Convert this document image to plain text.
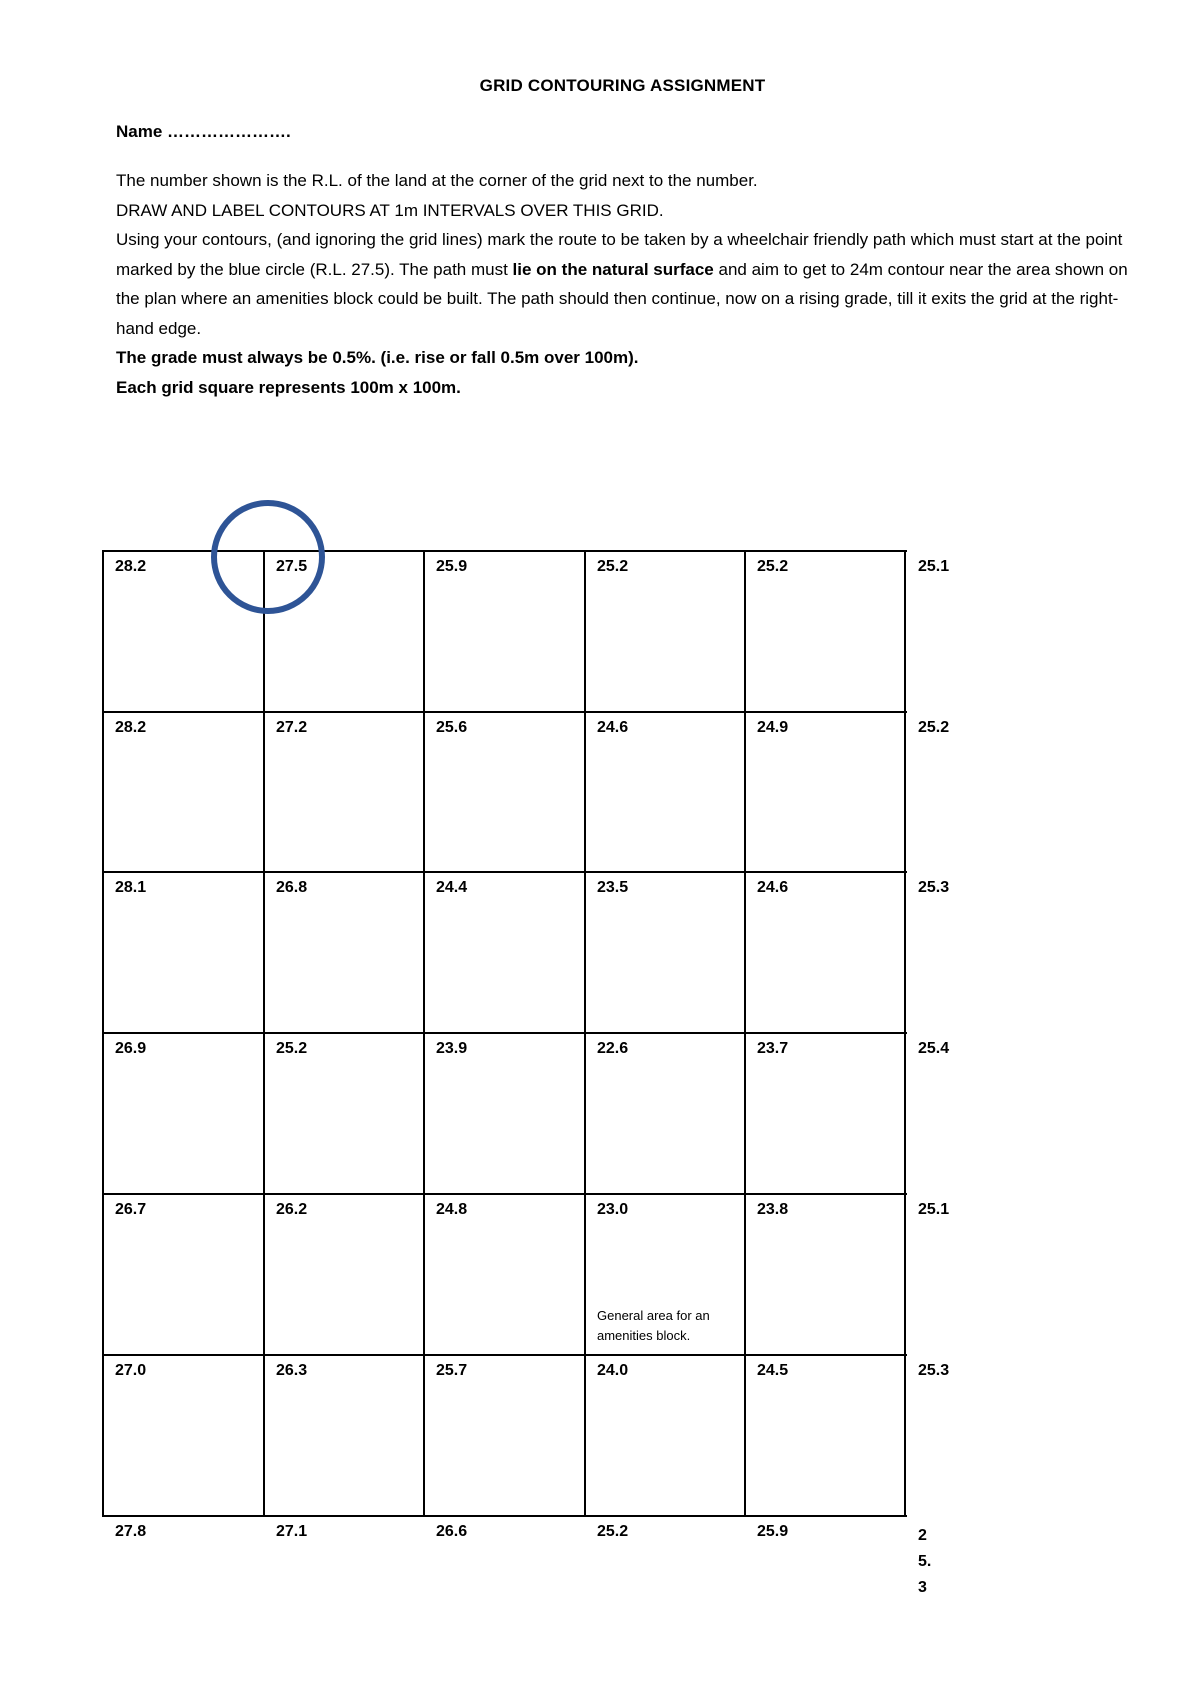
GRID CONTOURING ASSIGNMENT
Name ………………….

The number shown is the R.L. of the land at the corner of the grid next to the number.

DRAW AND LABEL CONTOURS AT 1m INTERVALS OVER THIS GRID.

Using your contours, (and ignoring the grid lines) mark the route to be taken by a wheelchair friendly path which must start at the point marked by the blue circle (R.L. 27.5). The path must lie on the natural surface and aim to get to 24m contour near the area shown on the plan where an amenities block could be built. The path should then continue, now on a rising grade, till it exits the grid at the right-hand edge.

The grade must always be 0.5%. (i.e. rise or fall 0.5m over 100m).

Each grid square represents 100m x 100m.

28.2	27.5	25.9	25.2	25.2	25.1
28.2	27.2	25.6	24.6	24.9	25.2
28.1	26.8	24.4	23.5	24.6	25.3
26.9	25.2	23.9	22.6	23.7	25.4
26.7	26.2	24.8	23.0	23.8	25.1
27.0	26.3	25.7	24.0	24.5	25.3
27.8	27.1	26.6	25.2	25.9	25.3
General area for an amenities block.
